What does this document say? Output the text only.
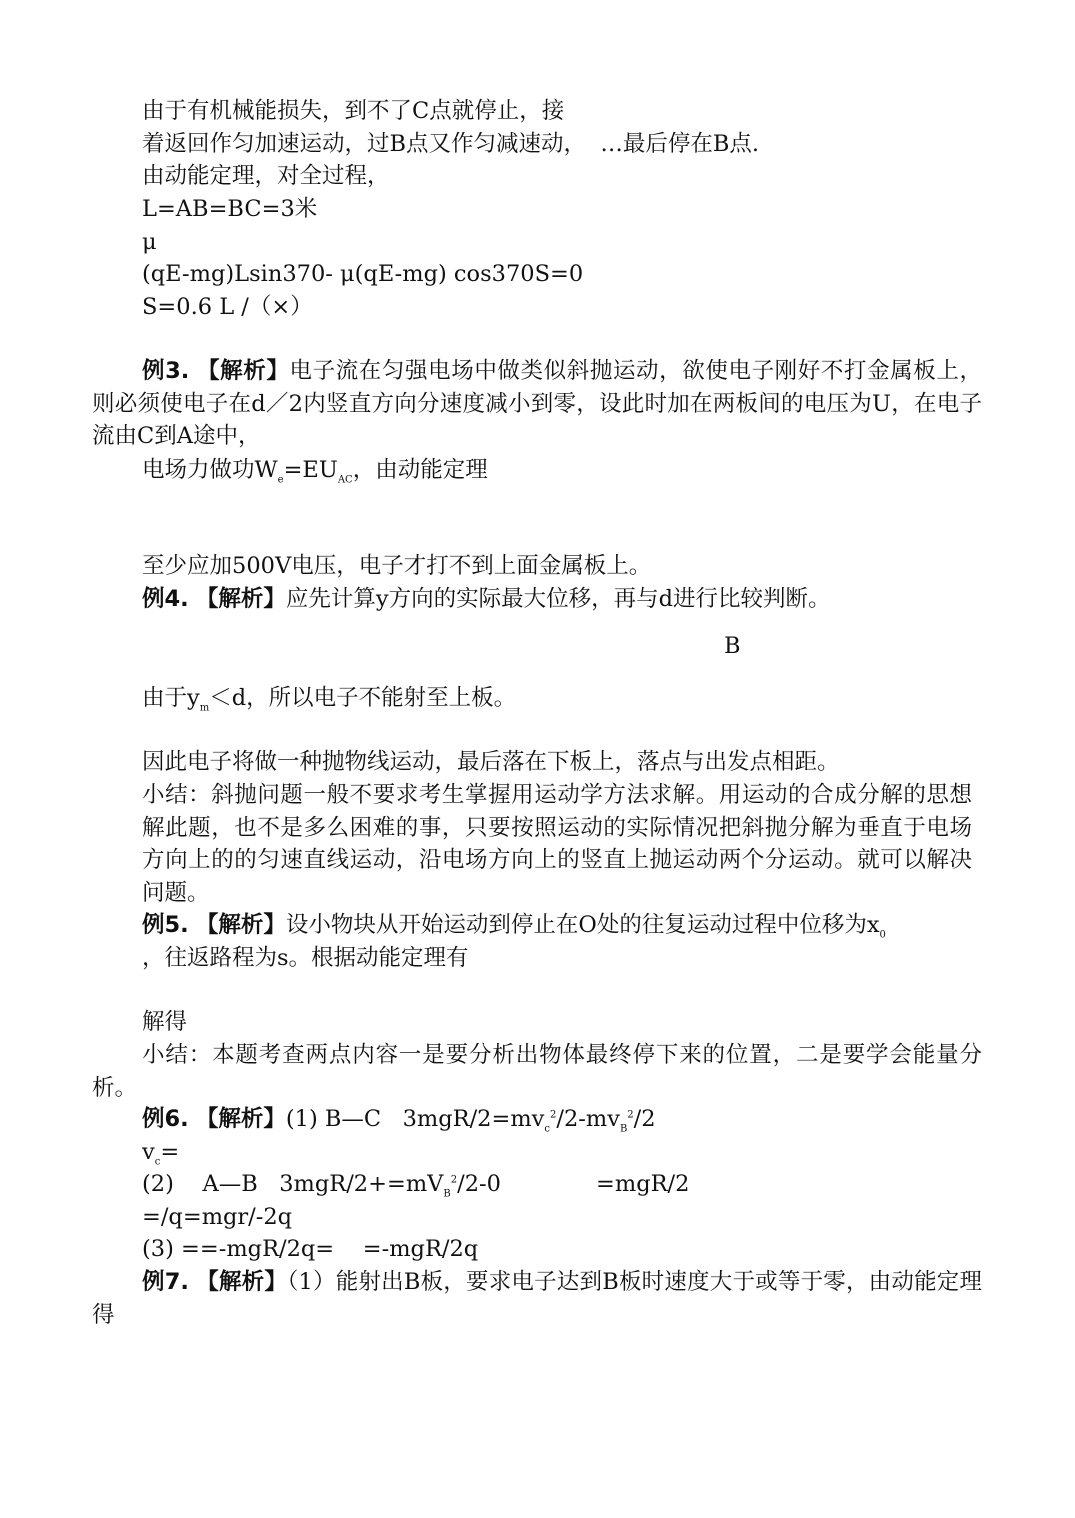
由于有机械能损失，到不了C点就停止，接
着返回作匀加速运动，过B点又作匀减速动，  …最后停在B点.
由动能定理，对全过程，
L=AB=BC=3米
μ
(qE-mg)Lsin370- μ(qE-mg) cos370S=0
S=0.6 L /（×）
例3. 【解析】电子流在匀强电场中做类似斜抛运动，欲使电子刚好不打金属板上，则必须使电子在d／2内竖直方向分速度减小到零，设此时加在两板间的电压为U，在电子流由C到A途中，
电场力做功$W_e=EU_{AC}$，由动能定理
至少应加500V电压，电子才打不到上面金属板上。
例4. 【解析】应先计算y方向的实际最大位移，再与d进行比较判断。
B
由于$y_m<d$，所以电子不能射至上板。
因此电子将做一种抛物线运动，最后落在下板上，落点与出发点相距。
小结：斜抛问题一般不要求考生掌握用运动学方法求解。用运动的合成分解的思想解此题，也不是多么困难的事，只要按照运动的实际情况把斜抛分解为垂直于电场方向上的的匀速直线运动，沿电场方向上的竖直上抛运动两个分运动。就可以解决问题。
例5. 【解析】设小物块从开始运动到停止在O处的往复运动过程中位移为$x_0$
，往返路程为s。根据动能定理有
解得
小结：本题考查两点内容一是要分析出物体最终停下来的位置，二是要学会能量分析。
例6. 【解析】(1) B—C   $3mgR/2=mv_c^2/2-mv_B^2/2$
$v_c=$
(2)    A—B   $3mgR/2+=mV_B^2/2-0$	=mgR/2
=/q=mgr/-2q
(3) ==-mgR/2q=    =-mgR/2q
例7. 【解析】（1）能射出B板，要求电子达到B板时速度大于或等于零，由动能定理得
